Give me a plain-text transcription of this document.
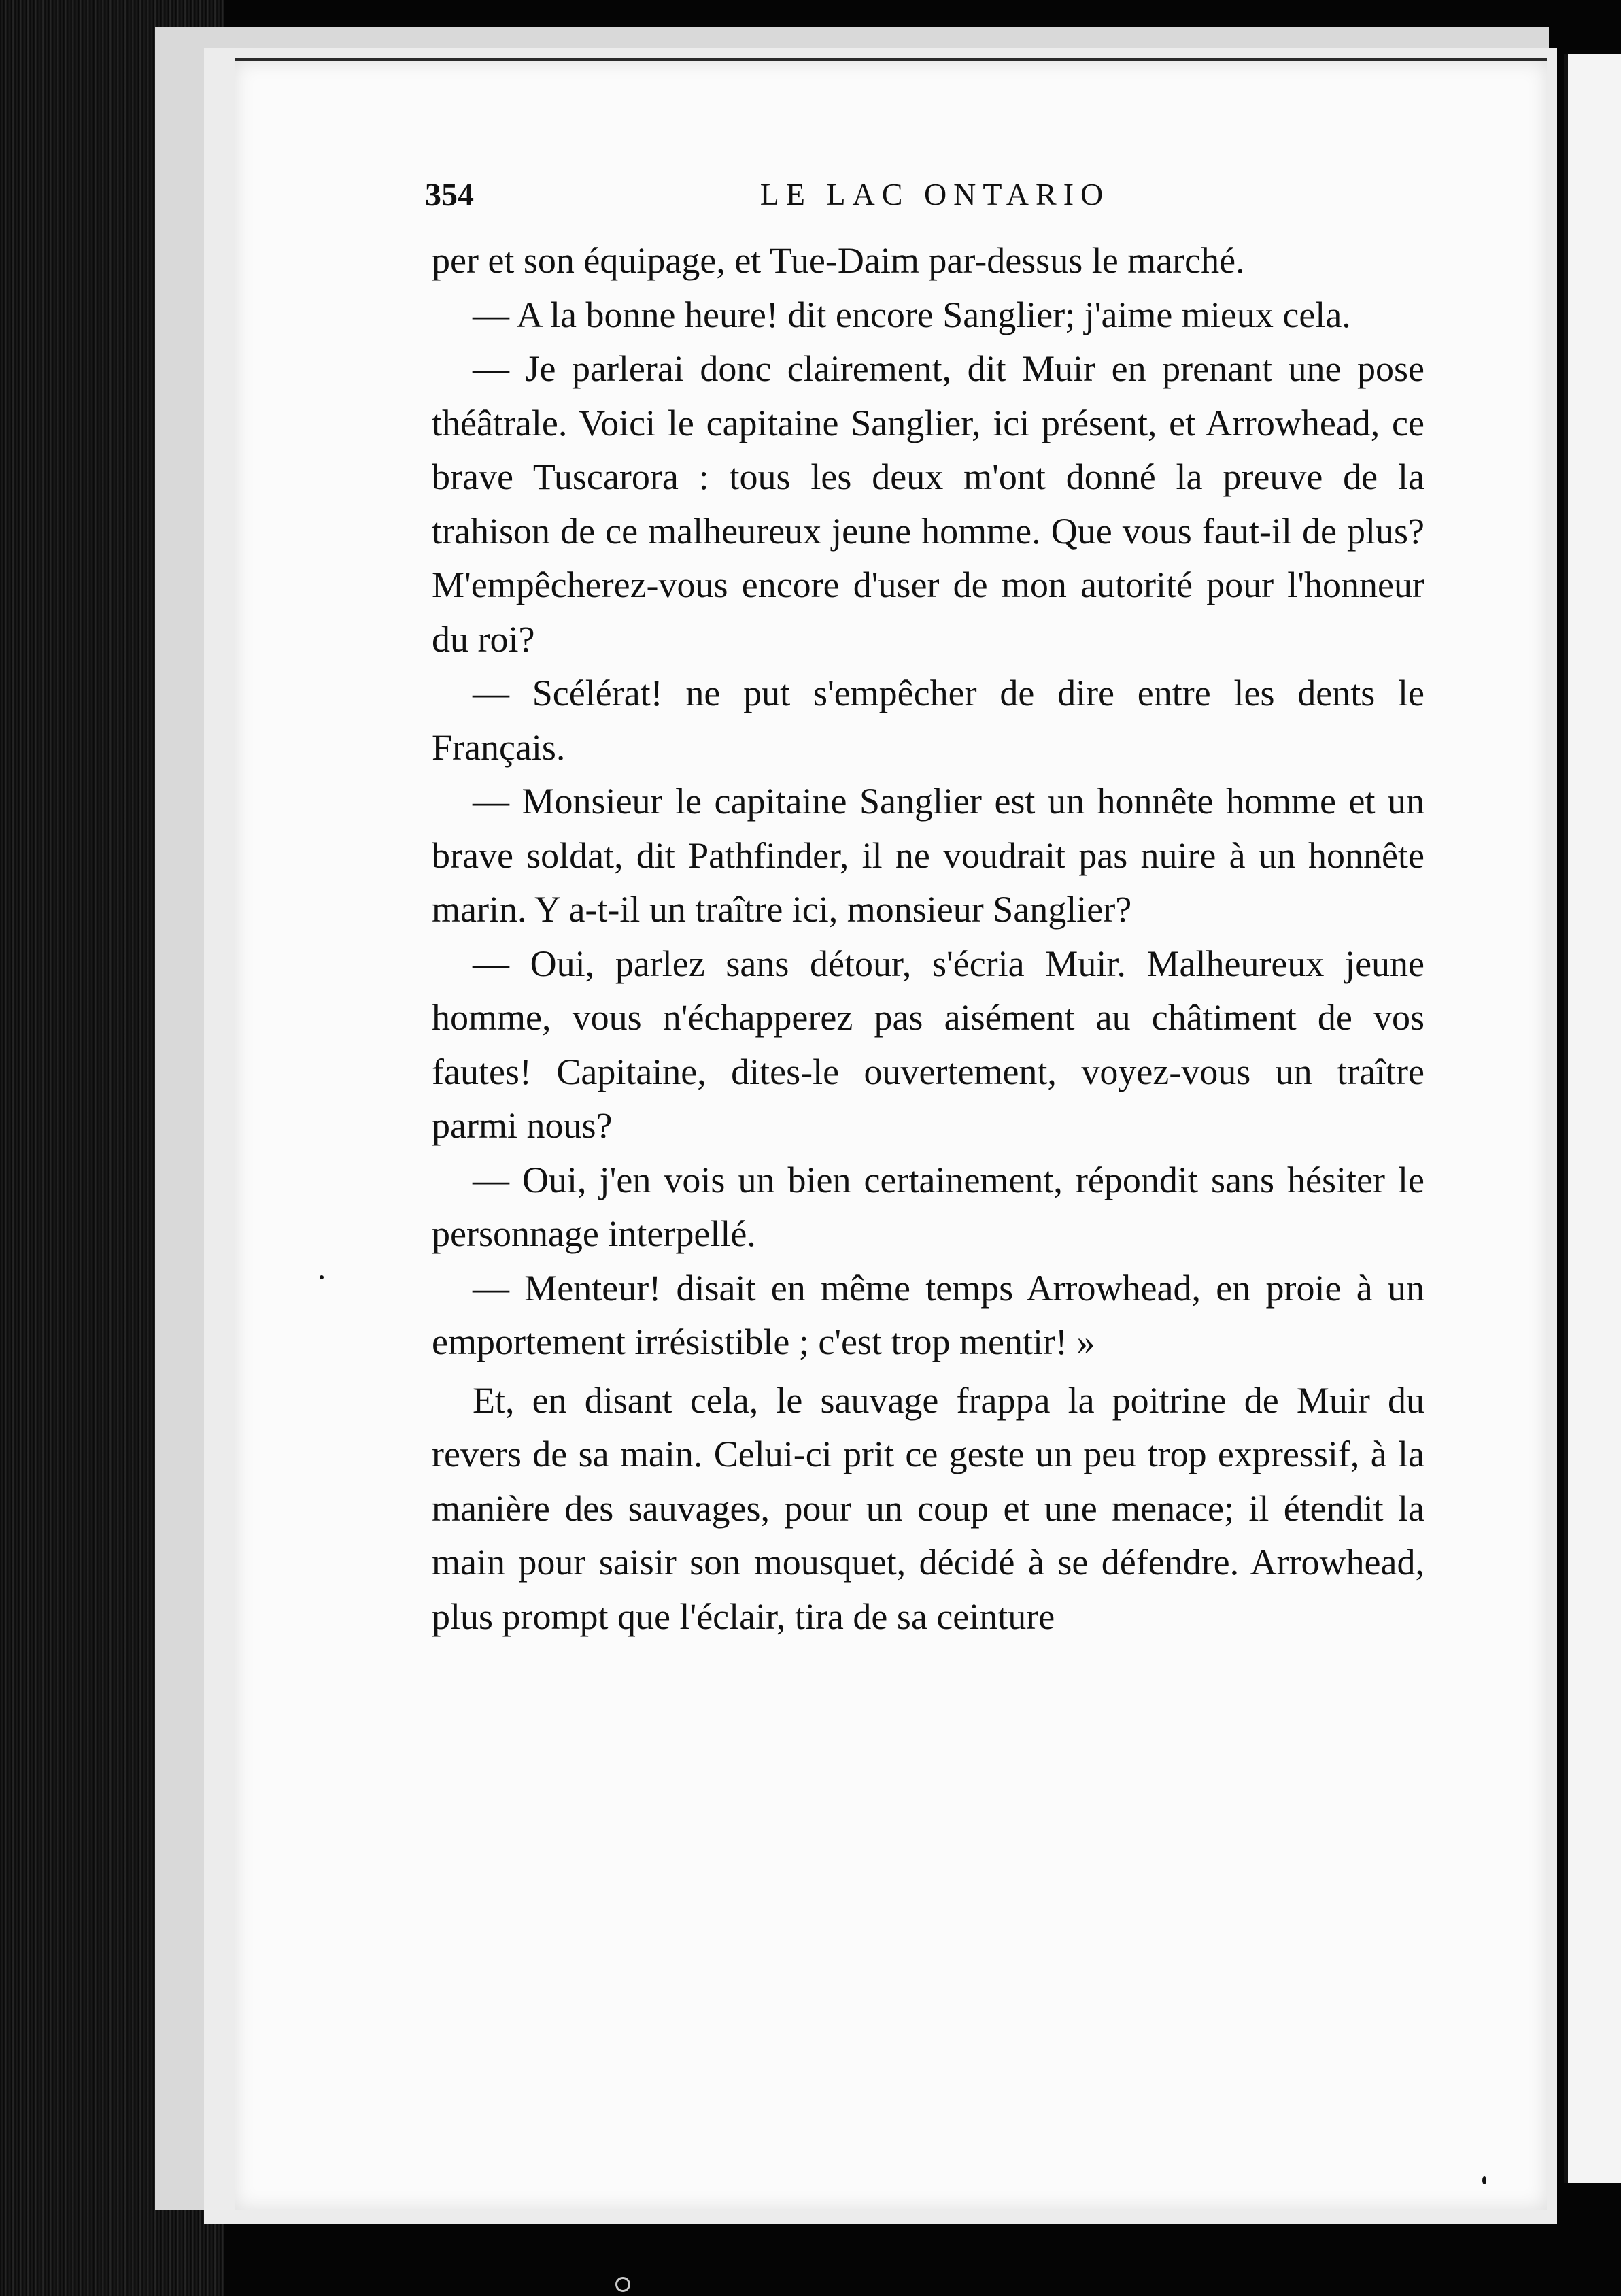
354	LE LAC ONTARIO

per et son équipage, et Tue-Daim par-dessus le marché.

— A la bonne heure! dit encore Sanglier; j'aime mieux cela.

— Je parlerai donc clairement, dit Muir en prenant une pose théâtrale. Voici le capitaine Sanglier, ici présent, et Arrowhead, ce brave Tuscarora : tous les deux m'ont donné la preuve de la trahison de ce malheureux jeune homme. Que vous faut-il de plus? M'empêcherez-vous encore d'user de mon autorité pour l'honneur du roi?

— Scélérat! ne put s'empêcher de dire entre les dents le Français.

— Monsieur le capitaine Sanglier est un honnête homme et un brave soldat, dit Pathfinder, il ne voudrait pas nuire à un honnête marin. Y a-t-il un traître ici, monsieur Sanglier?

— Oui, parlez sans détour, s'écria Muir. Malheureux jeune homme, vous n'échapperez pas aisément au châtiment de vos fautes! Capitaine, dites-le ouvertement, voyez-vous un traître parmi nous?

— Oui, j'en vois un bien certainement, répondit sans hésiter le personnage interpellé.

— Menteur! disait en même temps Arrowhead, en proie à un emportement irrésistible ; c'est trop mentir! »

Et, en disant cela, le sauvage frappa la poitrine de Muir du revers de sa main. Celui-ci prit ce geste un peu trop expressif, à la manière des sauvages, pour un coup et une menace; il étendit la main pour saisir son mousquet, décidé à se défendre. Arrowhead, plus prompt que l'éclair, tira de sa ceinture
